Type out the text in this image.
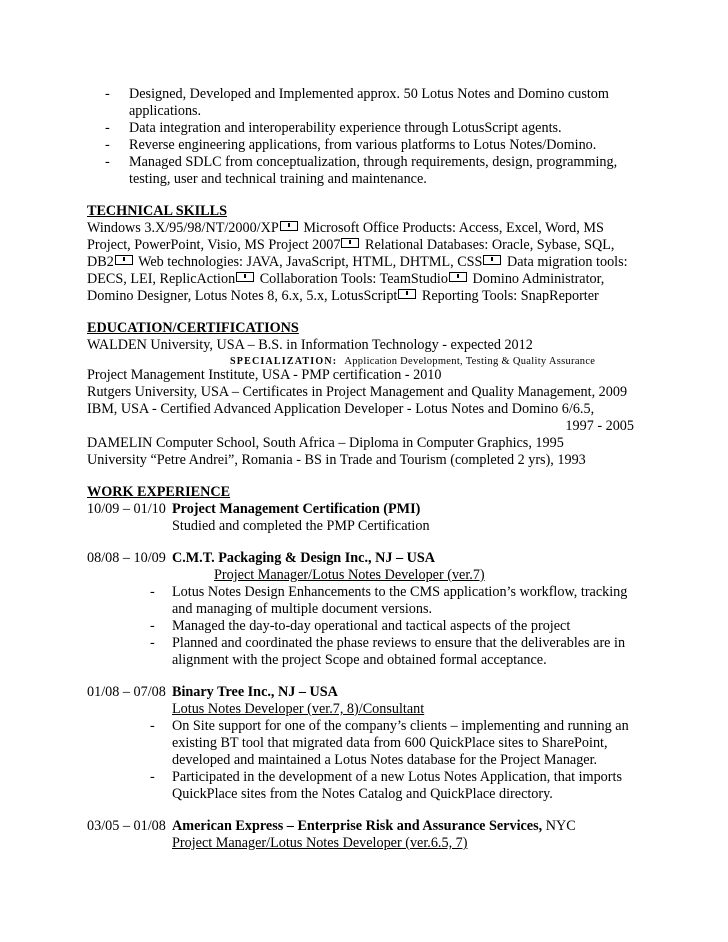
- Designed, Developed and Implemented approx. 50 Lotus Notes and Domino custom
applications.
- Data integration and interoperability experience through LotusScript agents.
- Reverse engineering applications, from various platforms to Lotus Notes/Domino.
- Managed SDLC from conceptualization, through requirements, design, programming,
testing, user and technical training and maintenance.
TECHNICAL SKILLS
Windows 3.X/95/98/NT/2000/XP Microsoft Office Products: Access, Excel, Word, MS
Project, PowerPoint, Visio, MS Project 2007 Relational Databases: Oracle, Sybase, SQL,
DB2 Web technologies: JAVA, JavaScript, HTML, DHTML, CSS Data migration tools:
DECS, LEI, ReplicAction Collaboration Tools: TeamStudio Domino Administrator,
Domino Designer, Lotus Notes 8, 6.x, 5.x, LotusScript Reporting Tools: SnapReporter
EDUCATION/CERTIFICATIONS
WALDEN University, USA – B.S. in Information Technology - expected 2012
SPECIALIZATION: Application Development, Testing & Quality Assurance
Project Management Institute, USA - PMP certification - 2010
Rutgers University, USA – Certificates in Project Management and Quality Management, 2009
IBM, USA - Certified Advanced Application Developer - Lotus Notes and Domino 6/6.5,
1997 - 2005
DAMELIN Computer School, South Africa – Diploma in Computer Graphics, 1995
University “Petre Andrei”, Romania - BS in Trade and Tourism (completed 2 yrs), 1993
WORK EXPERIENCE
10/09 – 01/10 Project Management Certification (PMI)
Studied and completed the PMP Certification
08/08 – 10/09 C.M.T. Packaging & Design Inc., NJ – USA
Project Manager/Lotus Notes Developer (ver.7)
- Lotus Notes Design Enhancements to the CMS application’s workflow, tracking
and managing of multiple document versions.
- Managed the day-to-day operational and tactical aspects of the project
- Planned and coordinated the phase reviews to ensure that the deliverables are in
alignment with the project Scope and obtained formal acceptance.
01/08 – 07/08 Binary Tree Inc., NJ – USA
Lotus Notes Developer (ver.7, 8)/Consultant
- On Site support for one of the company’s clients – implementing and running an
existing BT tool that migrated data from 600 QuickPlace sites to SharePoint,
developed and maintained a Lotus Notes database for the Project Manager.
- Participated in the development of a new Lotus Notes Application, that imports
QuickPlace sites from the Notes Catalog and QuickPlace directory.
03/05 – 01/08 American Express – Enterprise Risk and Assurance Services, NYC
Project Manager/Lotus Notes Developer (ver.6.5, 7)
